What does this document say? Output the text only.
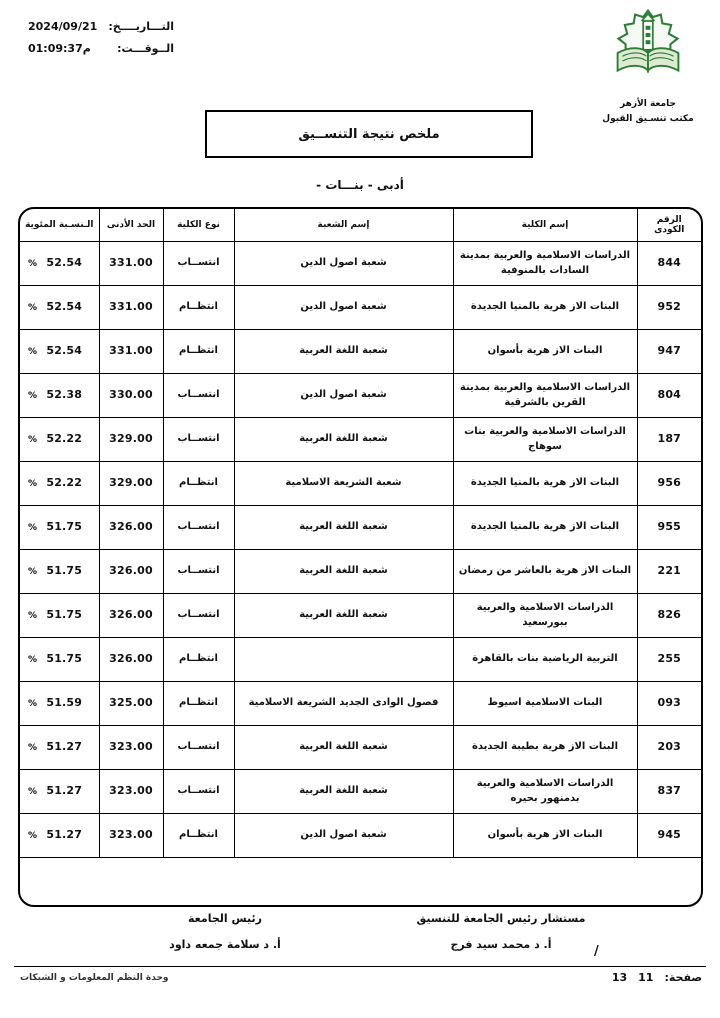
التـــاريــــخ:
2024/09/21
الــوقـــت:
م01:09:37
جامعة الأزهر
مكتب تنسـيق القبول
ملخص نتيجة التنســيق
- أدبى - بنـــات
الرقم الكودى	إسم الكلية	إسم الشعبة	نوع الكلية	الحد الأدنى	الـنسـبة المئوية
844	الدراسات الاسلامية والعربية بمدينة السادات بالمنوفية	شعبة اصول الدين	انتســاب	331.00	52.54
%

952	البنات الاز هرية بالمنيا الجديدة	شعبة اصول الدين	انتظــام	331.00	52.54
%

947	البنات الاز هرية بأسوان	شعبة اللغة العربية	انتظــام	331.00	52.54
%

804	الدراسات الاسلامية والعربية بمدينة القرين بالشرقية	شعبة اصول الدين	انتســاب	330.00	52.38
%

187	الدراسات الاسلامية والعربية بنات سوهاج	شعبة اللغة العربية	انتســاب	329.00	52.22
%

956	البنات الاز هرية بالمنيا الجديدة	شعبة الشريعة الاسلامية	انتظــام	329.00	52.22
%

955	البنات الاز هرية بالمنيا الجديدة	شعبة اللغة العربية	انتســاب	326.00	51.75
%

221	البنات الاز هرية بالعاشر من رمضان	شعبة اللغة العربية	انتســاب	326.00	51.75
%

826	الدراسات الاسلامية والعربية ببورسعيد	شعبة اللغة العربية	انتســاب	326.00	51.75
%

255	التربية الرياضية بنات بالقاهرة		انتظــام	326.00	51.75
%

093	البنات الاسلامية اسيوط	فصول الوادى الجديد الشريعة الاسلامية	انتظــام	325.00	51.59
%

203	البنات الاز هرية بطيبة الجديدة	شعبة اللغة العربية	انتســاب	323.00	51.27
%

837	الدراسات الاسلامية والعربية بدمنهور بحيره	شعبة اللغة العربية	انتســاب	323.00	51.27
%

945	البنات الاز هرية بأسوان	شعبة اصول الدين	انتظــام	323.00	51.27
%
مستشار رئيس الجامعة للتنسيق
أ. د محمد سيد فرج
رئيس الجامعة
أ. د سلامة جمعه داود	/
صفحة:
11
13
وحدة النظم المعلومات و الشبكات
